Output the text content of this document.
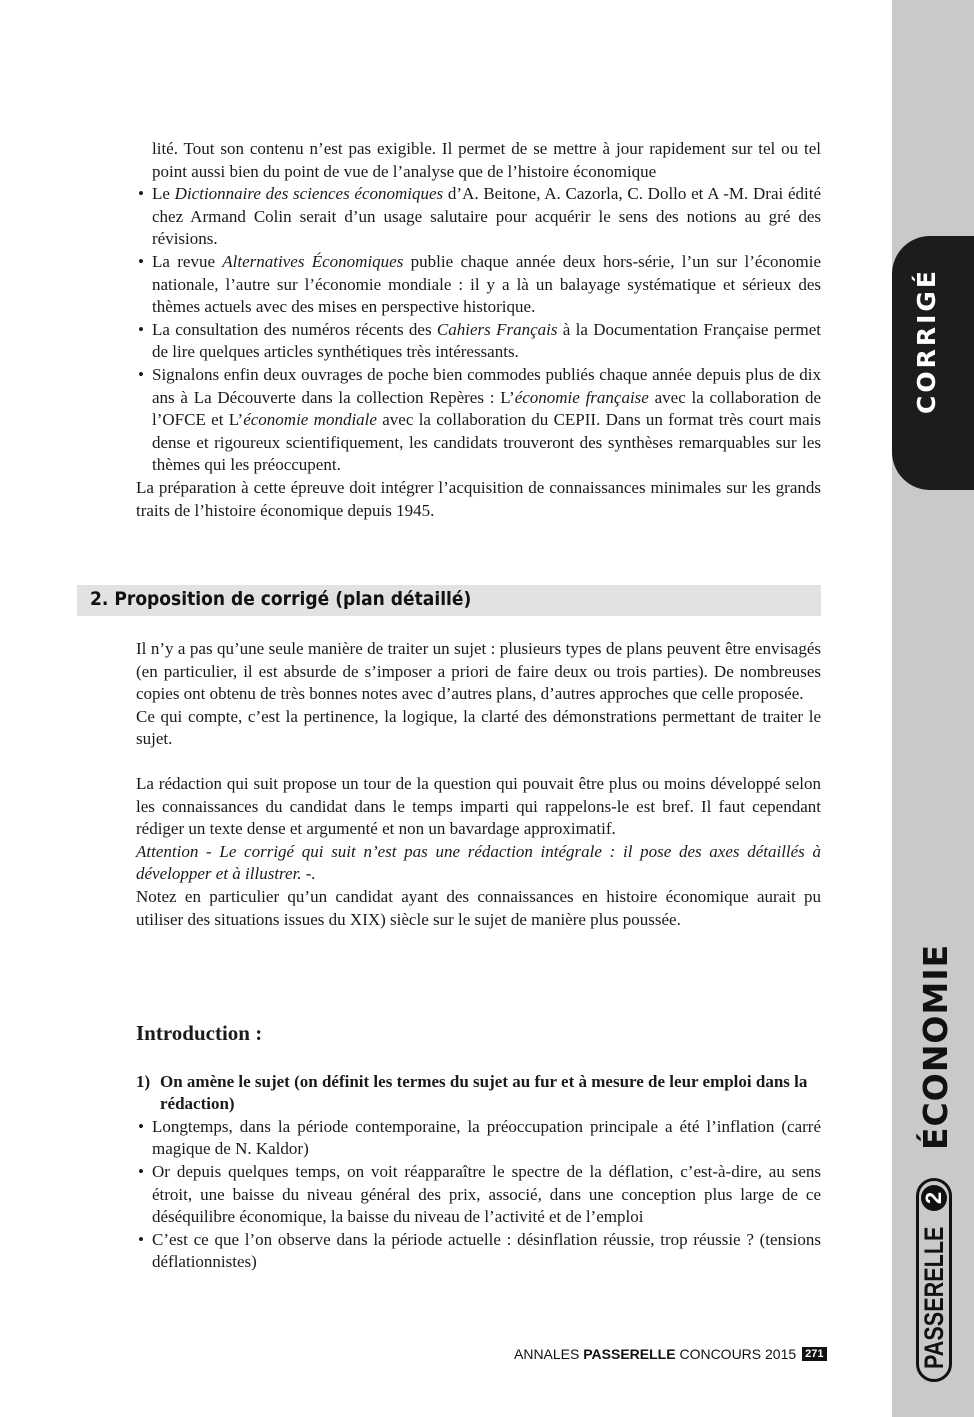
CORRIGÉ
ÉCONOMIE
PASSERELLE
2

lité. Tout son contenu n’est pas exigible. Il permet de se mettre à jour rapidement sur tel ou tel point aussi bien du point de vue de l’analyse que de l’histoire économique

• Le Dictionnaire des sciences économiques d’A. Beitone, A. Cazorla, C. Dollo et A -M. Drai édité chez Armand Colin serait d’un usage salutaire pour acquérir le sens des notions au gré des révisions.
• La revue Alternatives Économiques publie chaque année deux hors-série, l’un sur l’économie nationale, l’autre sur l’économie mondiale : il y a là un balayage systématique et sérieux des thèmes actuels avec des mises en perspective historique.
• La consultation des numéros récents des Cahiers Français à la Documentation Française permet de lire quelques articles synthétiques très intéressants.
• Signalons enfin deux ouvrages de poche bien commodes publiés chaque année depuis plus de dix ans à La Découverte dans la collection Repères : L’économie française avec la collaboration de l’OFCE et L’économie mondiale avec la collaboration du CEPII. Dans un format très court mais dense et rigoureux scientifiquement, les candidats trouveront des synthèses remarquables sur les thèmes qui les préoccupent.

La préparation à cette épreuve doit intégrer l’acquisition de connaissances minimales sur les grands traits de l’histoire économique depuis 1945.

2. Proposition de corrigé (plan détaillé)

Il n’y a pas qu’une seule manière de traiter un sujet : plusieurs types de plans peuvent être envisagés (en particulier, il est absurde de s’imposer a priori de faire deux ou trois parties). De nombreuses copies ont obtenu de très bonnes notes avec d’autres plans, d’autres approches que celle proposée.

Ce qui compte, c’est la pertinence, la logique, la clarté des démonstrations permettant de traiter le sujet.

La rédaction qui suit propose un tour de la question qui pouvait être plus ou moins développé selon les connaissances du candidat dans le temps imparti qui rappelons-le est bref. Il faut cependant rédiger un texte dense et argumenté et non un bavardage approximatif.

Attention - Le corrigé qui suit n’est pas une rédaction intégrale : il pose des axes détaillés à développer et à illustrer. -.

Notez en particulier qu’un candidat ayant des connaissances en histoire économique aurait pu utiliser des situations issues du XIX) siècle sur le sujet de manière plus poussée.

Introduction :

1) On amène le sujet (on définit les termes du sujet au fur et à mesure de leur emploi dans la rédaction)

• Longtemps, dans la période contemporaine, la préoccupation principale a été l’inflation (carré magique de N. Kaldor)
• Or depuis quelques temps, on voit réapparaître le spectre de la déflation, c’est-à-dire, au sens étroit, une baisse du niveau général des prix, associé, dans une conception plus large de ce déséquilibre économique, la baisse du niveau de l’activité et de l’emploi
• C’est ce que l’on observe dans la période actuelle : désinflation réussie, trop réussie ? (tensions déflationnistes)
ANNALES PASSERELLE CONCOURS 2015 271
